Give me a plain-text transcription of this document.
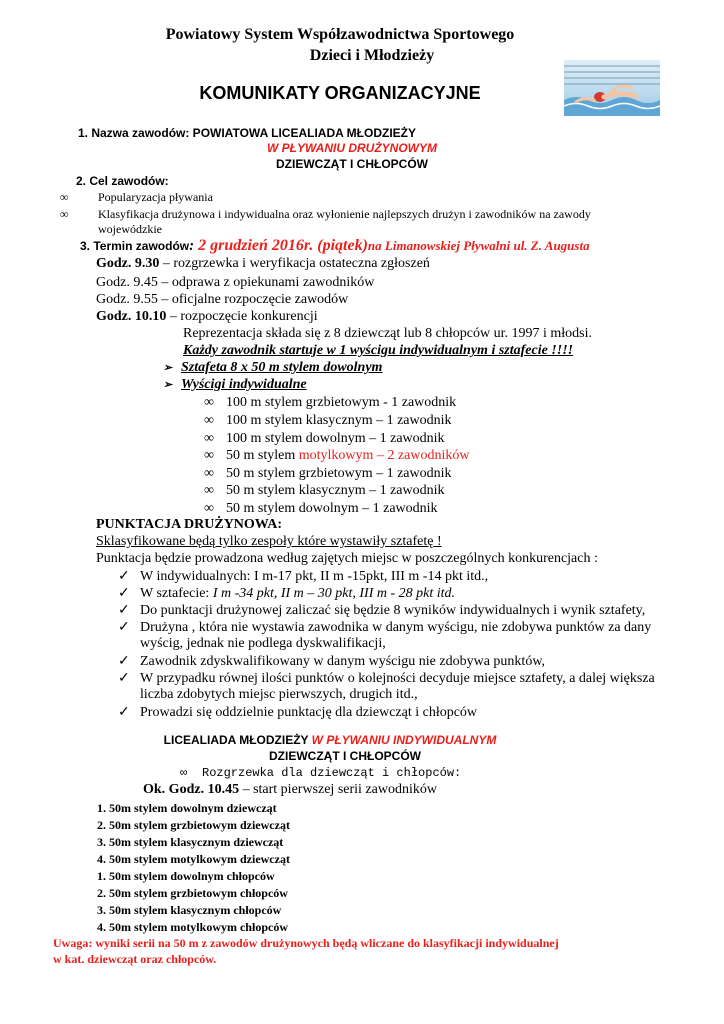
Powiatowy System Współzawodnictwa Sportowego
Dzieci i Młodzieży
KOMUNIKATY ORGANIZACYJNE
1. Nazwa zawodów: POWIATOWA LICEALIADA MŁODZIEŻY
W PŁYWANIU DRUŻYNOWYM
DZIEWCZĄT I CHŁOPCÓW
2. Cel zawodów:
∞ Popularyzacja pływania
∞ Klasyfikacja drużynowa i indywidualna oraz wyłonienie najlepszych drużyn i zawodników na zawody
wojewódzkie
3. Termin zawodów: 2 grudzień 2016r. (piątek)na Limanowskiej Pływalni ul. Z. Augusta
Godz. 9.30 – rozgrzewka i weryfikacja ostateczna zgłoszeń
Godz. 9.45 – odprawa z opiekunami zawodników
Godz. 9.55 – oficjalne rozpoczęcie zawodów
Godz. 10.10 – rozpoczęcie konkurencji
Reprezentacja składa się z 8 dziewcząt lub 8 chłopców ur. 1997 i młodsi.
Każdy zawodnik startuje w 1 wyścigu indywidualnym i sztafecie !!!!
➢ Sztafeta 8 x 50 m stylem dowolnym
➢ Wyścigi indywidualne
∞ 100 m stylem grzbietowym - 1 zawodnik
∞ 100 m stylem klasycznym – 1 zawodnik
∞ 100 m stylem dowolnym – 1 zawodnik
∞ 50 m stylem motylkowym – 2 zawodników
∞ 50 m stylem grzbietowym – 1 zawodnik
∞ 50 m stylem klasycznym – 1 zawodnik
∞ 50 m stylem dowolnym – 1 zawodnik
PUNKTACJA DRUŻYNOWA:
Sklasyfikowane będą tylko zespoły które wystawiły sztafetę !
Punktacja będzie prowadzona według zajętych miejsc w poszczególnych konkurencjach :
✓ W indywidualnych: I m-17 pkt, II m -15pkt, III m -14 pkt itd.,
✓ W sztafecie: I m -34 pkt, II m – 30 pkt, III m - 28 pkt itd.
✓ Do punktacji drużynowej zaliczać się będzie 8 wyników indywidualnych i wynik sztafety,
✓ Drużyna , która nie wystawia zawodnika w danym wyścigu, nie zdobywa punktów za dany
wyścig, jednak nie podlega dyskwalifikacji,
✓ Zawodnik zdyskwalifikowany w danym wyścigu nie zdobywa punktów,
✓ W przypadku równej ilości punktów o kolejności decyduje miejsce sztafety, a dalej większa
liczba zdobytych miejsc pierwszych, drugich itd.,
✓ Prowadzi się oddzielnie punktację dla dziewcząt i chłopców
LICEALIADA MŁODZIEŻY W PŁYWANIU INDYWIDUALNYM
DZIEWCZĄT I CHŁOPCÓW
∞ Rozgrzewka dla dziewcząt i chłopców:
Ok. Godz. 10.45 – start pierwszej serii zawodników
1. 50m stylem dowolnym dziewcząt
2. 50m stylem grzbietowym dziewcząt
3. 50m stylem klasycznym dziewcząt
4. 50m stylem motylkowym dziewcząt
1. 50m stylem dowolnym chłopców
2. 50m stylem grzbietowym chłopców
3. 50m stylem klasycznym chłopców
4. 50m stylem motylkowym chłopców
Uwaga: wyniki serii na 50 m z zawodów drużynowych będą wliczane do klasyfikacji indywidualnej
w kat. dziewcząt oraz chłopców.
